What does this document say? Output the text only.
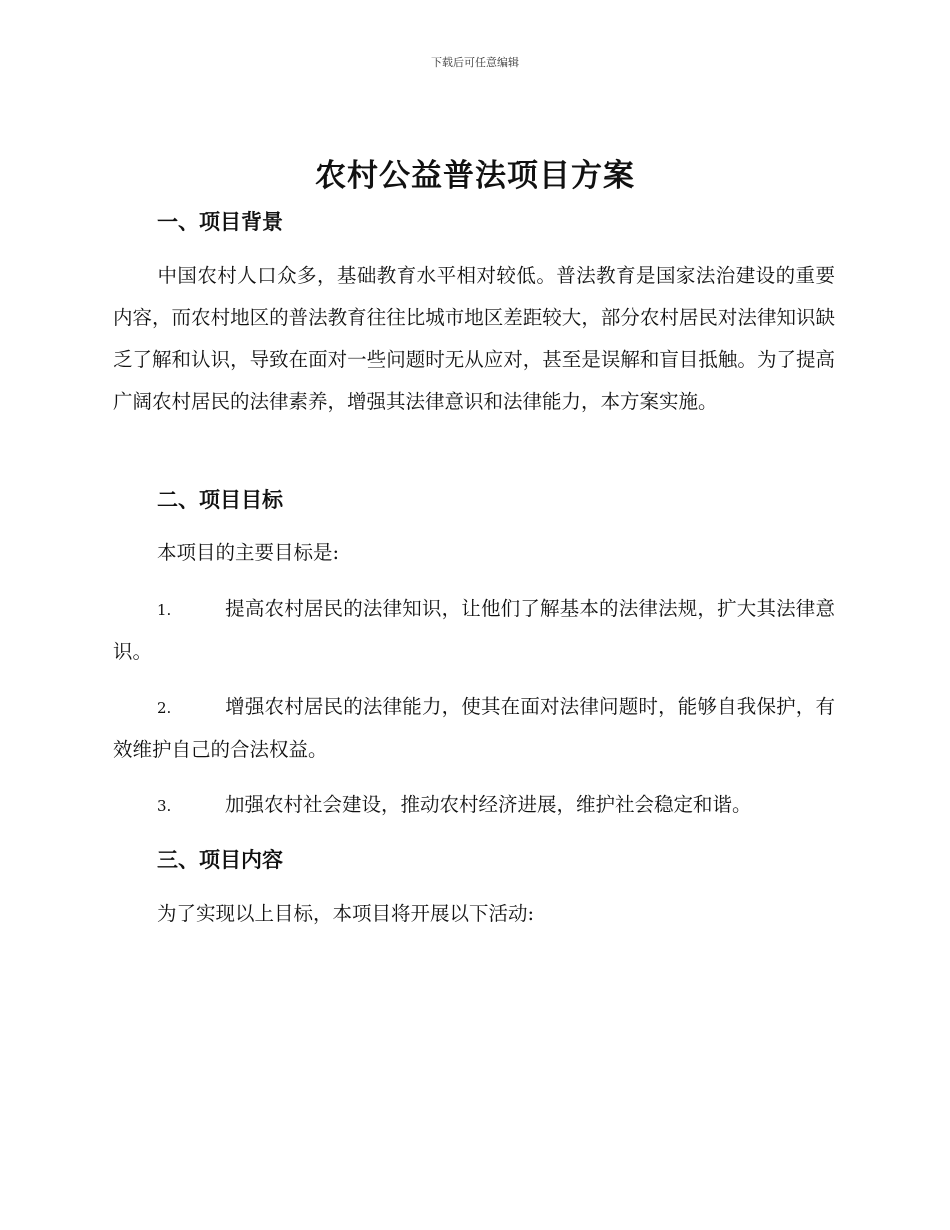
下载后可任意编辑
农村公益普法项目方案
一、项目背景
中国农村人口众多，基础教育水平相对较低。普法教育是国家法治建设的重要内容，而农村地区的普法教育往往比城市地区差距较大，部分农村居民对法律知识缺乏了解和认识，导致在面对一些问题时无从应对，甚至是误解和盲目抵触。为了提高广阔农村居民的法律素养，增强其法律意识和法律能力，本方案实施。
二、项目目标
本项目的主要目标是:
1.	提高农村居民的法律知识，让他们了解基本的法律法规，扩大其法律意识。
2.	增强农村居民的法律能力，使其在面对法律问题时，能够自我保护，有效维护自己的合法权益。
3.	加强农村社会建设，推动农村经济进展，维护社会稳定和谐。
三、项目内容
为了实现以上目标，本项目将开展以下活动:
